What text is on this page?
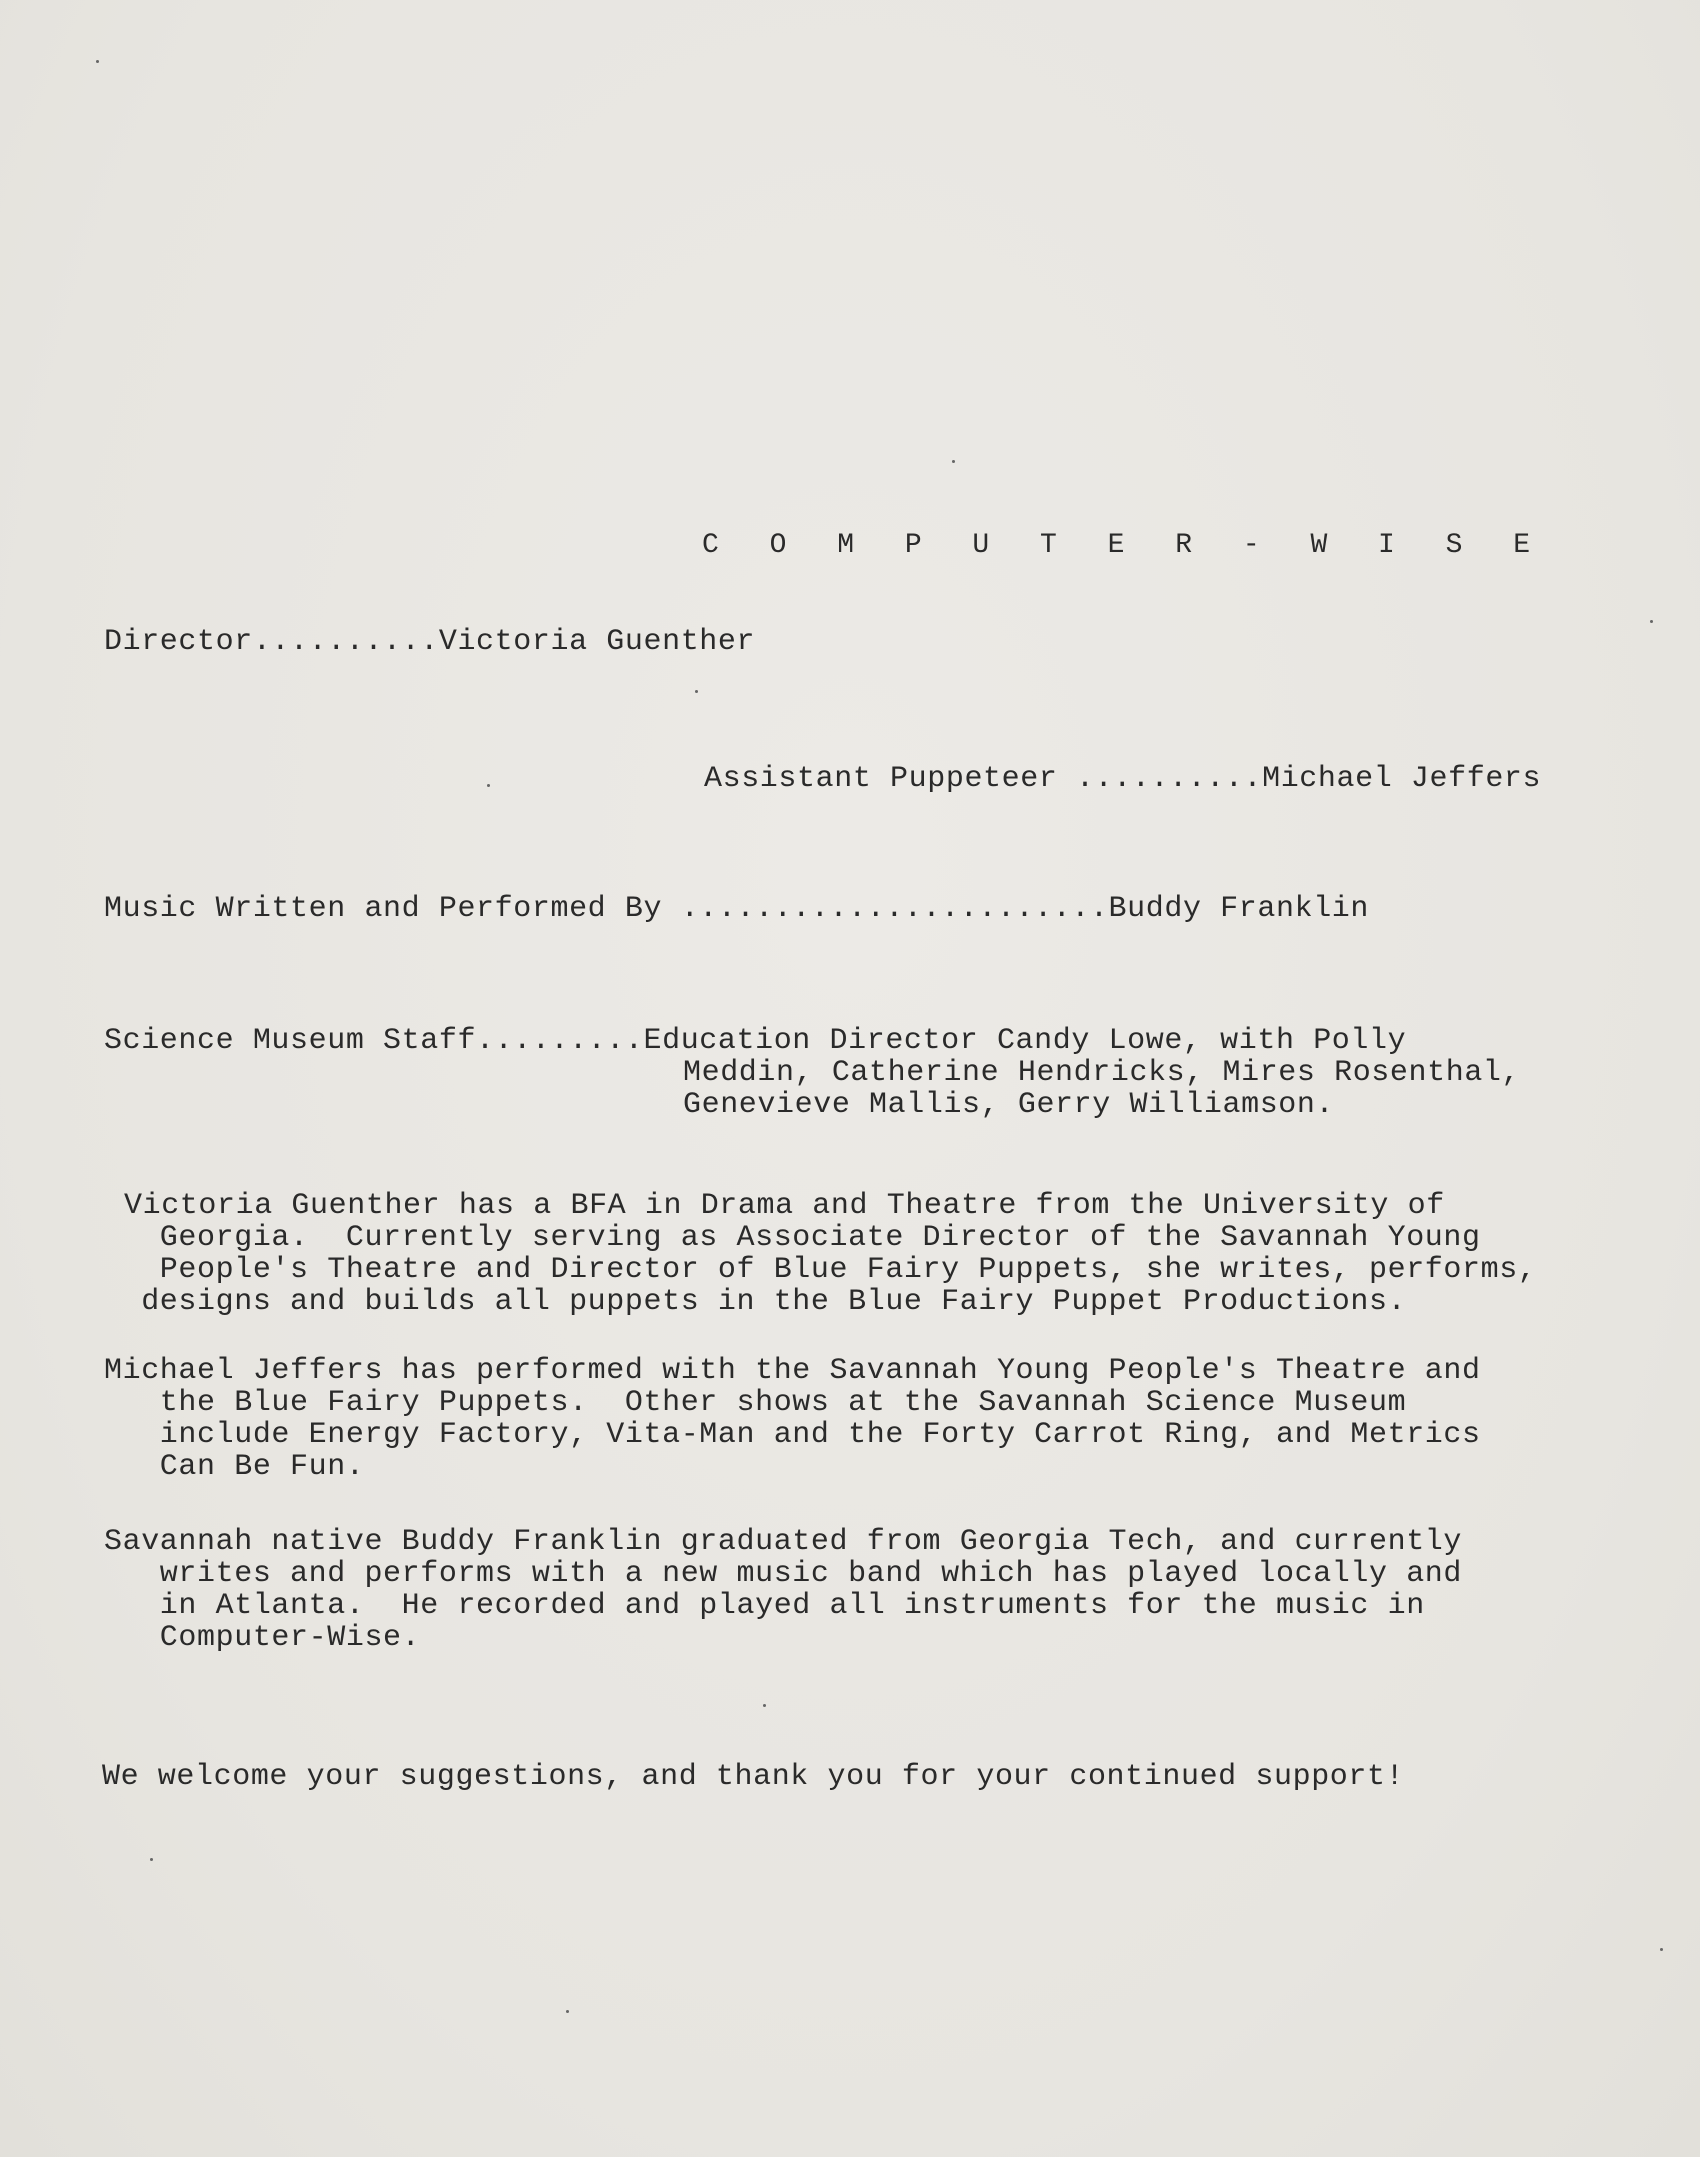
C O M P U T E R - W I S E
Director..........Victoria Guenther
Assistant Puppeteer ..........Michael Jeffers
Music Written and Performed By .......................Buddy Franklin
Science Museum Staff.........Education Director Candy Lowe, with Polly
Meddin, Catherine Hendricks, Mires Rosenthal,
Genevieve Mallis, Gerry Williamson.
Victoria Guenther has a BFA in Drama and Theatre from the University of
Georgia.  Currently serving as Associate Director of the Savannah Young
People's Theatre and Director of Blue Fairy Puppets, she writes, performs,
designs and builds all puppets in the Blue Fairy Puppet Productions.
Michael Jeffers has performed with the Savannah Young People's Theatre and
the Blue Fairy Puppets.  Other shows at the Savannah Science Museum
include Energy Factory, Vita-Man and the Forty Carrot Ring, and Metrics
Can Be Fun.
Savannah native Buddy Franklin graduated from Georgia Tech, and currently
writes and performs with a new music band which has played locally and
in Atlanta.  He recorded and played all instruments for the music in
Computer-Wise.
We welcome your suggestions, and thank you for your continued support!
